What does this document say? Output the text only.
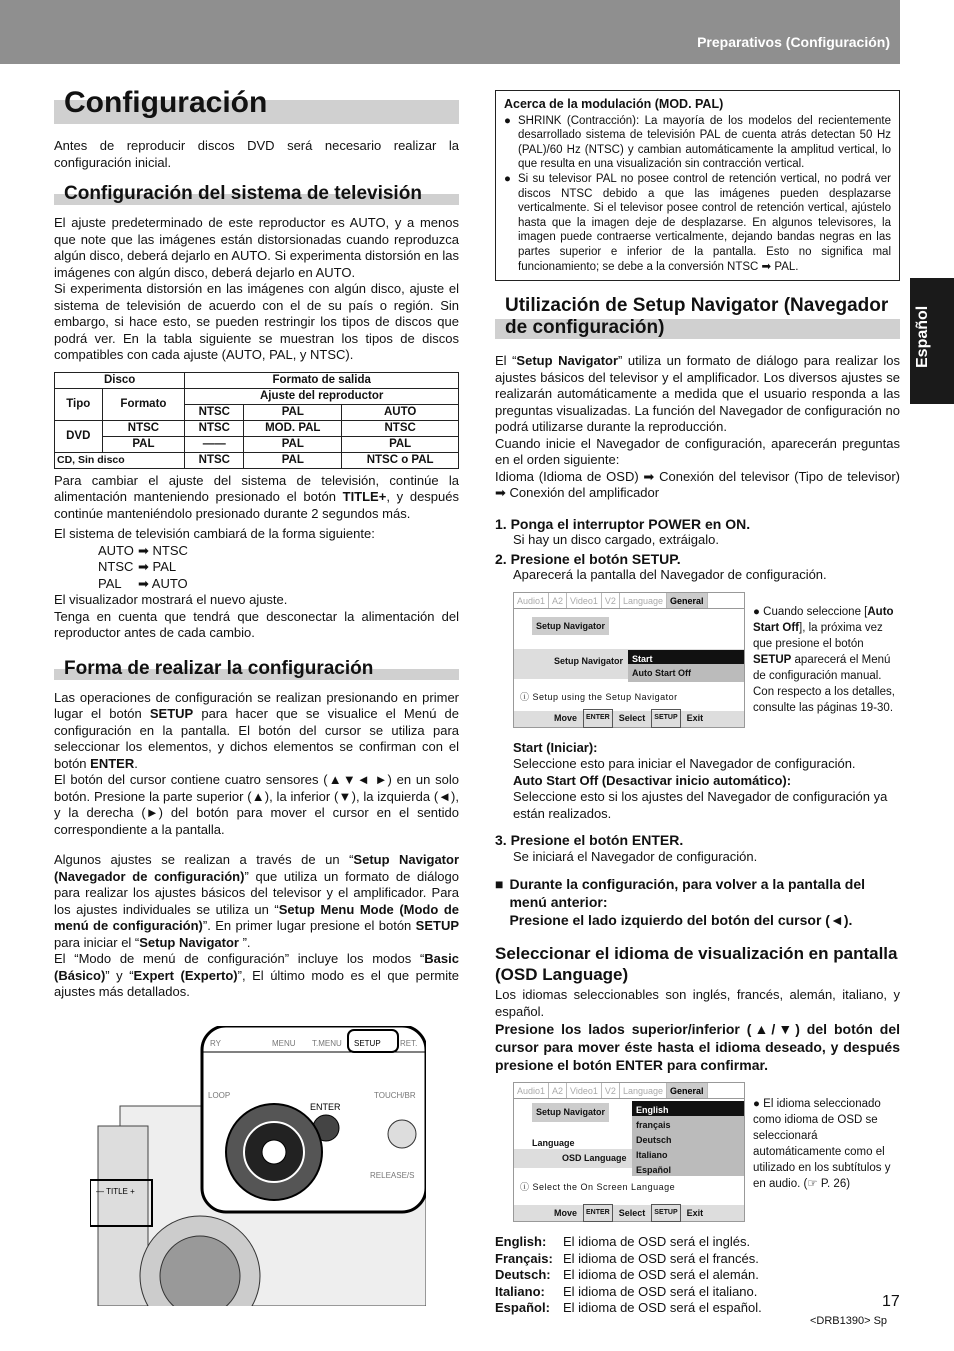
Preparativos (Configuración)
Español
Configuración

Antes de reproducir discos DVD será necesario realizar la configuración inicial.

Configuración del sistema de televisión

El ajuste predeterminado de este reproductor es AUTO, y a menos que note que las imágenes están distorsionadas cuando reproduzca algún disco, deberá dejarlo en AUTO. Si experimenta distorsión en las imágenes con algún disco, deberá dejarlo en AUTO.

Si experimenta distorsión en las imágenes con algún disco, ajuste el sistema de televisión de acuerdo con el de su país o región. Sin embargo, si hace esto, se pueden restringir los tipos de discos que podrá ver. En la tabla siguiente se muestran los tipos de discos compatibles con cada ajuste (AUTO, PAL, y NTSC).

Disco		Formato de salida		
Tipo	Formato	Ajuste del reproductor		
		NTSC	PAL	AUTO
DVD	NTSC	NTSC	MOD. PAL	NTSC
	PAL	——	PAL	PAL
CD, Sin disco		NTSC	PAL	NTSC o PAL

Para cambiar el ajuste del sistema de televisión, continúe la alimentación manteniendo presionado el botón TITLE+, y después continúe manteniéndolo presionado durante 2 segundos más.

El sistema de televisión cambiará de la forma siguiente:

AUTO ➡ NTSC
NTSC ➡ PAL
PAL ➡ AUTO

El visualizador mostrará el nuevo ajuste.

Tenga en cuenta que tendrá que desconectar la alimentación del reproductor antes de cada cambio.

Forma de realizar la configuración

Las operaciones de configuración se realizan presionando en primer lugar el botón SETUP para hacer que se visualice el Menú de configuración en la pantalla. El botón del cursor se utiliza para seleccionar los elementos, y dichos elementos se confirman con el botón ENTER.

El botón del cursor contiene cuatro sensores (▲▼◄ ►) en un solo botón. Presione la parte superior (▲), la inferior (▼), la izquierda (◄), y la derecha (►) del botón para mover el cursor en el sentido correspondiente a la pantalla.

Algunos ajustes se realizan a través de un “Setup Navigator (Navegador de configuración)” que utiliza un formato de diálogo para realizar los ajustes básicos del televisor y el amplificador. Para los ajustes individuales se utiliza un “Setup Menu Mode (Modo de menú de configuración)”. En primer lugar presione el botón SETUP para iniciar el “Setup Navigator ”.

El “Modo de menú de configuración” incluye los modos “Basic (Básico)” y “Expert (Experto)”, El último modo es el que permite ajustes más detallados.

— TITLE +
RY	MENU T.MENU SETUP RET.
LOOP
ENTER
TOUCH/BR
RELEASE/S
Acerca de la modulación (MOD. PAL)
● SHRINK (Contracción): La mayoría de los modelos del recientemente desarrollado sistema de televisión PAL de cuenta atrás detectan 50 Hz (PAL)/60 Hz (NTSC) y cambian automáticamente la amplitud vertical, lo que resulta en una visualización sin contracción vertical.

● Si su televisor PAL no posee control de retención vertical, no podrá ver discos NTSC debido a que las imágenes pueden desplazarse verticalmente. Si el televisor posee control de retención vertical, ajústelo hasta que la imagen deje de desplazarse. En algunos televisores, la imagen puede contraerse verticalmente, dejando bandas negras en las partes superior e inferior de la pantalla. Esto no significa mal funcionamiento; se debe a la conversión NTSC ➡ PAL.

Utilización de Setup Navigator (Navegador de configuración)

El “Setup Navigator” utiliza un formato de diálogo para realizar los ajustes básicos del televisor y el amplificador. Los diversos ajustes se realizarán automáticamente a medida que el usuario responda a las preguntas visualizadas. La función del Navegador de configuración no podrá utilizarse durante la reproducción.

Cuando inicie el Navegador de configuración, aparecerán preguntas en el orden siguiente:

Idioma (Idioma de OSD) ➡ Conexión del televisor (Tipo de televisor) ➡ Conexión del amplificador

1. Ponga el interruptor POWER en ON.
Si hay un disco cargado, extráigalo.
2. Presione el botón SETUP.
Aparecerá la pantalla del Navegador de configuración.
Audio1 A2 Video1 V2 Language General
Setup Navigator
Setup Navigator Start
Auto Start Off
ⓘ Setup using the Setup Navigator
Move	ENTER	Select	SETUP	Exit
● Cuando seleccione [Auto Start Off], la próxima vez que presione el botón SETUP aparecerá el Menú de configuración manual. Con respecto a los detalles, consulte las páginas 19-30.
Start (Iniciar):
Seleccione esto para iniciar el Navegador de configuración.
Auto Start Off (Desactivar inicio automático):
Seleccione esto si los ajustes del Navegador de configuración ya están realizados.
3. Presione el botón ENTER.
Se iniciará el Navegador de configuración.
■ Durante la configuración, para volver a la pantalla del menú anterior:
Presione el lado izquierdo del botón del cursor (◄).
Seleccionar el idioma de visualización en pantalla (OSD Language)

Los idiomas seleccionables son inglés, francés, alemán, italiano, y español.

Presione los lados superior/inferior (▲/▼) del botón del cursor para mover éste hasta el idioma deseado, y después presione el botón ENTER para confirmar.

Audio1 A2 Video1 V2 Language General
Setup Navigator
Language
OSD Language
English
français
Deutsch
Italiano
Español
ⓘ Select the On Screen Language
Move	ENTER	Select	SETUP	Exit
● El idioma seleccionado como idioma de OSD se seleccionará automáticamente como el utilizado en los subtítulos y en audio. (☞ P. 26)
English:	El idioma de OSD será el inglés.
Français: El idioma de OSD será el francés.
Deutsch: El idioma de OSD será el alemán.
Italiano:	El idioma de OSD será el italiano.
Español:	El idioma de OSD será el español.	17
<DRB1390> Sp
